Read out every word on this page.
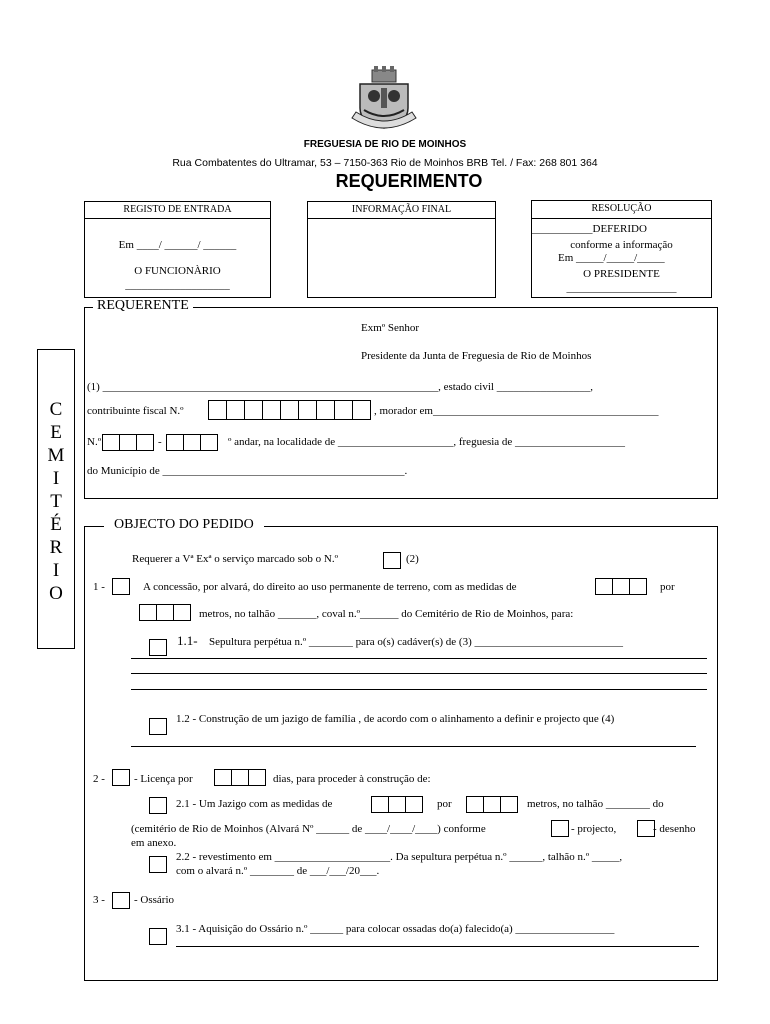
FREGUESIA DE RIO DE MOINHOS
Rua Combatentes do Ultramar, 53 – 7150-363 Rio de Moinhos BRB Tel. / Fax: 268 801 364
REQUERIMENTO
REGISTO DE ENTRADA
Em ____/ ______/ ______
O FUNCIONÀRIO
___________________
INFORMAÇÃO FINAL	RESOLUÇÃO
___________DEFERIDO
conforme a informação
Em _____/_____/_____
O PRESIDENTE
____________________
C
E
M
I
T
É
R
I
O
REQUERENTE
Exmº Senhor
Presidente da Junta de Freguesia de Rio de Moinhos
(1) _____________________________________________________________, estado civil _________________,
contribuinte fiscal N.º	, morador em_________________________________________
N.º	-	º andar, na localidade de _____________________, freguesia de ____________________
do Município de ____________________________________________.
OBJECTO DO PEDIDO
Requerer a Vª Exª o serviço marcado sob o N.º	(2)
1 -	A concessão, por alvará, do direito ao uso permanente de terreno, com as medidas de	por
metros, no talhão _______, coval n.º_______ do Cemitério de Rio de Moinhos, para:
1.1- Sepultura perpétua n.º ________ para o(s) cadáver(s) de (3) ___________________________
1.2 - Construção de um jazigo de família , de acordo com o alinhamento a definir e projecto que (4)
2 -	- Licença por	dias, para proceder à construção de:
2.1 - Um Jazigo com as medidas de	por	metros, no talhão ________ do
(cemitério de Rio de Moinhos (Alvará Nº ______ de ____/____/____) conforme	- projecto,	- desenho
em anexo.
2.2 - revestimento em _____________________. Da sepultura perpétua n.º ______, talhão n.º _____,
com o alvará n.º ________ de ___/___/20___.
3 -	- Ossário
3.1 - Aquisição do Ossário n.º ______ para colocar ossadas do(a) falecido(a) __________________
